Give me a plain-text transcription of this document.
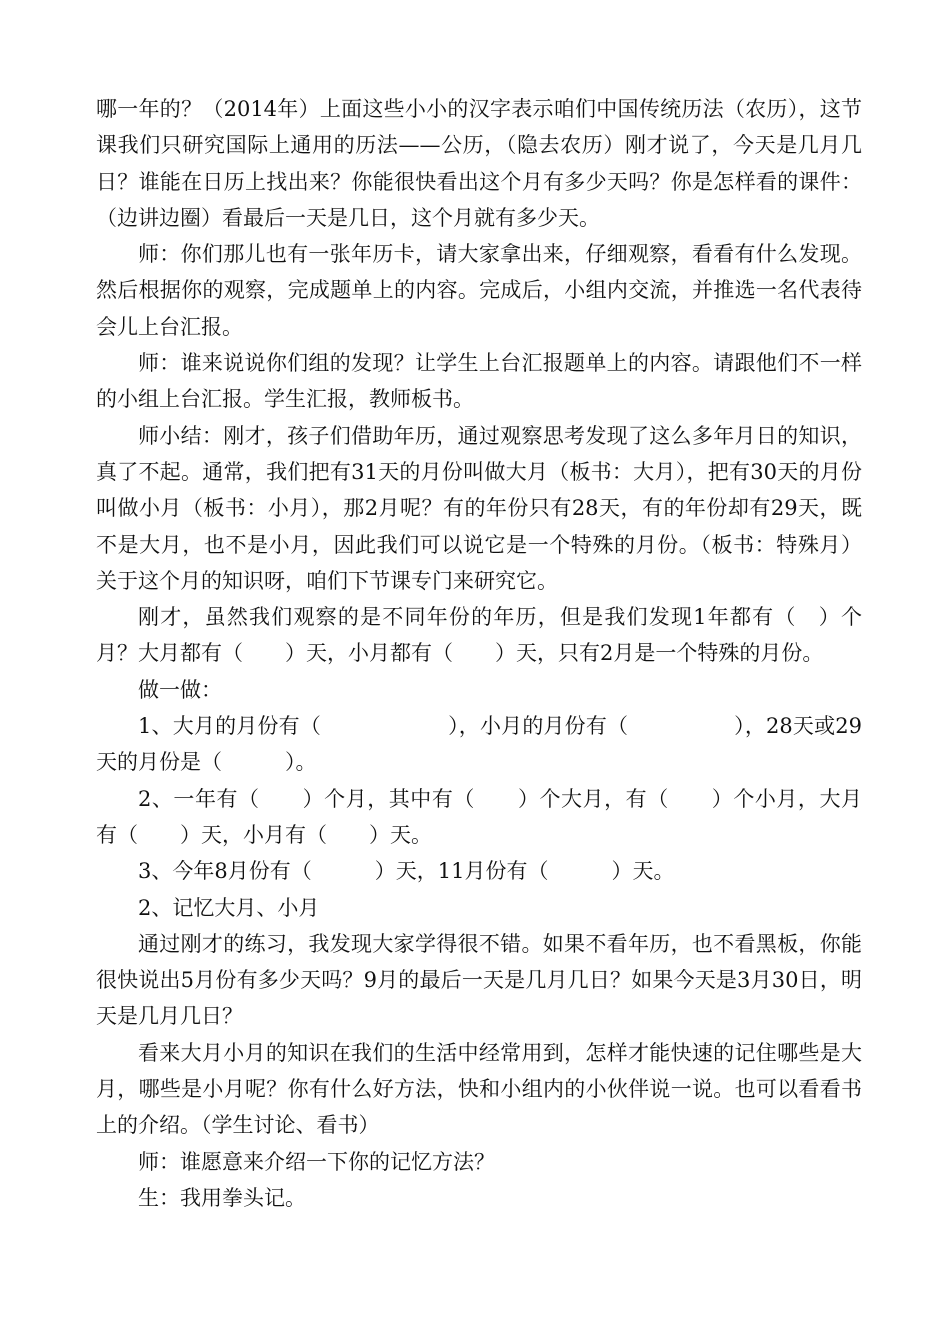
哪一年的？（2014年）上面这些小小的汉字表示咱们中国传统历法（农历），这节课我们只研究国际上通用的历法——公历，（隐去农历）刚才说了，今天是几月几日？谁能在日历上找出来？你能很快看出这个月有多少天吗？你是怎样看的课件：（边讲边圈）看最后一天是几日，这个月就有多少天。

师：你们那儿也有一张年历卡，请大家拿出来，仔细观察，看看有什么发现。然后根据你的观察，完成题单上的内容。完成后，小组内交流，并推选一名代表待会儿上台汇报。

师：谁来说说你们组的发现？让学生上台汇报题单上的内容。请跟他们不一样的小组上台汇报。学生汇报，教师板书。

师小结：刚才，孩子们借助年历，通过观察思考发现了这么多年月日的知识，真了不起。通常，我们把有31天的月份叫做大月（板书：大月），把有30天的月份叫做小月（板书：小月），那2月呢？有的年份只有28天，有的年份却有29天，既不是大月，也不是小月，因此我们可以说它是一个特殊的月份。（板书：特殊月）关于这个月的知识呀，咱们下节课专门来研究它。

刚才，虽然我们观察的是不同年份的年历，但是我们发现1年都有（　）个月？大月都有（　　）天，小月都有（　　）天，只有2月是一个特殊的月份。

做一做：

1、大月的月份有（　　　　　　），小月的月份有（　　　　　），28天或29天的月份是（　　　）。

2、一年有（　　）个月，其中有（　　）个大月，有（　　）个小月，大月有（　　）天，小月有（　　）天。

3、今年8月份有（　　　）天，11月份有（　　　）天。

2、记忆大月、小月

通过刚才的练习，我发现大家学得很不错。如果不看年历，也不看黑板，你能很快说出5月份有多少天吗？9月的最后一天是几月几日？如果今天是3月30日，明天是几月几日？

看来大月小月的知识在我们的生活中经常用到，怎样才能快速的记住哪些是大月，哪些是小月呢？你有什么好方法，快和小组内的小伙伴说一说。也可以看看书上的介绍。（学生讨论、看书）

师：谁愿意来介绍一下你的记忆方法？

生：我用拳头记。
